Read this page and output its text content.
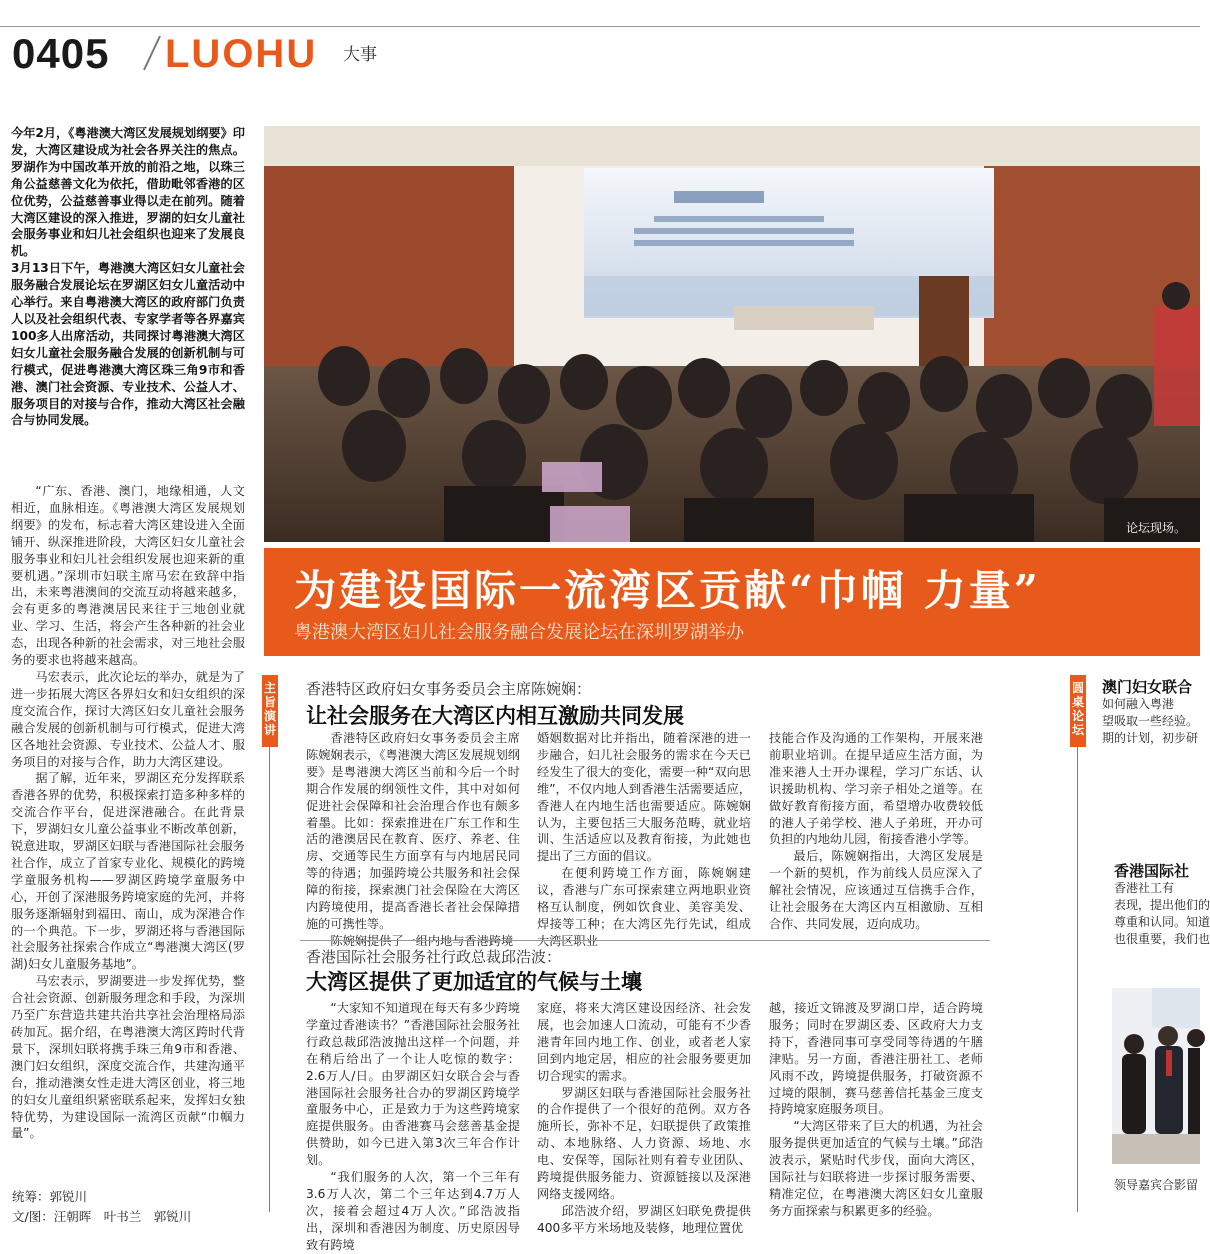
0405 LUOHU 大事

今年2月，《粤港澳大湾区发展规划纲要》印发，大湾区建设成为社会各界关注的焦点。罗湖作为中国改革开放的前沿之地，以珠三角公益慈善文化为依托，借助毗邻香港的区位优势，公益慈善事业得以走在前列。随着大湾区建设的深入推进，罗湖的妇女儿童社会服务事业和妇儿社会组织也迎来了发展良机。

3月13日下午，粤港澳大湾区妇女儿童社会服务融合发展论坛在罗湖区妇女儿童活动中心举行。来自粤港澳大湾区的政府部门负责人以及社会组织代表、专家学者等各界嘉宾100多人出席活动，共同探讨粤港澳大湾区妇女儿童社会服务融合发展的创新机制与可行模式，促进粤港澳大湾区珠三角9市和香港、澳门社会资源、专业技术、公益人才、服务项目的对接与合作，推动大湾区社会融合与协同发展。

“广东、香港、澳门，地缘相通，人文相近，血脉相连。《粤港澳大湾区发展规划纲要》的发布，标志着大湾区建设进入全面铺开、纵深推进阶段，大湾区妇女儿童社会服务事业和妇儿社会组织发展也迎来新的重要机遇。”深圳市妇联主席马宏在致辞中指出，未来粤港澳间的交流互动将越来越多，会有更多的粤港澳居民来往于三地创业就业、学习、生活，将会产生各种新的社会业态，出现各种新的社会需求，对三地社会服务的要求也将越来越高。

马宏表示，此次论坛的举办，就是为了进一步拓展大湾区各界妇女和妇女组织的深度交流合作，探讨大湾区妇女儿童社会服务融合发展的创新机制与可行模式，促进大湾区各地社会资源、专业技术、公益人才、服务项目的对接与合作，助力大湾区建设。

据了解，近年来，罗湖区充分发挥联系香港各界的优势，积极探索打造多种多样的交流合作平台，促进深港融合。在此背景下，罗湖妇女儿童公益事业不断改革创新，锐意进取，罗湖区妇联与香港国际社会服务社合作，成立了首家专业化、规模化的跨境学童服务机构——罗湖区跨境学童服务中心，开创了深港服务跨境家庭的先河，并将服务逐渐辐射到福田、南山，成为深港合作的一个典范。下一步，罗湖还将与香港国际社会服务社探索合作成立“粤港澳大湾区(罗湖)妇女儿童服务基地”。

马宏表示，罗湖要进一步发挥优势，整合社会资源、创新服务理念和手段，为深圳乃至广东营造共建共治共享社会治理格局添砖加瓦。据介绍，在粤港澳大湾区跨时代背景下，深圳妇联将携手珠三角9市和香港、澳门妇女组织，深度交流合作，共建沟通平台，推动港澳女性走进大湾区创业，将三地的妇女儿童组织紧密联系起来，发挥妇女独特优势，为建设国际一流湾区贡献“巾帼力量”。

统筹：郭锐川
文/图：汪朝晖　叶书兰　郭锐川
论坛现场。
为建设国际一流湾区贡献“巾帼 力量”
粤港澳大湾区妇儿社会服务融合发展论坛在深圳罗湖举办
主旨演讲
香港特区政府妇女事务委员会主席陈婉娴：
让社会服务在大湾区内相互激励共同发展

香港特区政府妇女事务委员会主席陈婉娴表示，《粤港澳大湾区发展规划纲要》是粤港澳大湾区当前和今后一个时期合作发展的纲领性文件，其中对如何促进社会保障和社会治理合作也有颇多着墨。比如：探索推进在广东工作和生活的港澳居民在教育、医疗、养老、住房、交通等民生方面享有与内地居民同等的待遇；加强跨境公共服务和社会保障的衔接，探索澳门社会保险在大湾区内跨境使用，提高香港长者社会保障措施的可携性等。

婚姻数据对比并指出，随着深港的进一步融合，妇儿社会服务的需求在今天已经发生了很大的变化，需要一种“双向思维”，不仅内地人到香港生活需要适应，香港人在内地生活也需要适应。陈婉娴认为，主要包括三大服务范畴，就业培训、生活适应以及教育衔接，为此她也提出了三方面的倡议。

在便利跨境工作方面，陈婉娴建议，香港与广东可探索建立两地职业资格互认制度，例如饮食业、美容美发、焊接等工种；在大湾区先行先试，组成

技能合作及沟通的工作架构，开展来港前职业培训。在提早适应生活方面，为准来港人士开办课程，学习广东话、认识援助机构、学习亲子相处之道等。在做好教育衔接方面，希望增办收费较低的港人子弟学校、港人子弟班，开办可负担的内地幼儿园，衔接香港小学等。

最后，陈婉娴指出，大湾区发展是一个新的契机，作为前线人员应深入了解社会情况，应该通过互信携手合作，让社会服务在大湾区内互相激励、互相合作、共同发展，迈向成功。

香港国际社会服务社行政总裁邱浩波：
大湾区提供了更加适宜的气候与土壤

“大家知不知道现在每天有多少跨境学童过香港读书？”香港国际社会服务社行政总裁邱浩波抛出这样一个问题，并在稍后给出了一个让人吃惊的数字：2.6万人/日。由罗湖区妇女联合会与香港国际社会服务社合办的罗湖区跨境学童服务中心，正是致力于为这些跨境家庭提供服务。由香港赛马会慈善基金提供赞助，如今已进入第3次三年合作计划。

“我们服务的人次，第一个三年有3.6万人次，第二个三年达到4.7万人次，接着会超过4万人次。”邱浩波指出，深圳和香港因为制度、历史原因导致有跨境

家庭，将来大湾区建设因经济、社会发展，也会加速人口流动，可能有不少香港青年回内地工作、创业，或者老人家回到内地定居，相应的社会服务要更加切合现实的需求。

罗湖区妇联与香港国际社会服务社的合作提供了一个很好的范例。双方各施所长，弥补不足，妇联提供了政策推动、本地脉络、人力资源、场地、水电、安保等，国际社则有着专业团队、跨境提供服务能力、资源链接以及深港网络支援网络。

邱浩波介绍，罗湖区妇联免费提供400多平方米场地及装修，地理位置优

越，接近文锦渡及罗湖口岸，适合跨境服务；同时在罗湖区委、区政府大力支持下，香港同事可享受同等待遇的午膳津贴。另一方面，香港注册社工、老师风雨不改，跨境提供服务，打破资源不过境的限制，赛马慈善信托基金三度支持跨境家庭服务项目。

“大湾区带来了巨大的机遇，为社会服务提供更加适宜的气候与土壤。”邱浩波表示，紧贴时代步伐，面向大湾区，国际社与妇联将进一步探讨服务需要、精准定位，在粤港澳大湾区妇女儿童服务方面探索与积累更多的经验。

圆桌论坛
澳门妇女联合
如何融入粤港
望吸取一些经验。
期的计划，初步研
香港国际社
香港社工有
表现，提出他们的
尊重和认同。知道
也很重要，我们也
领导嘉宾合影留
